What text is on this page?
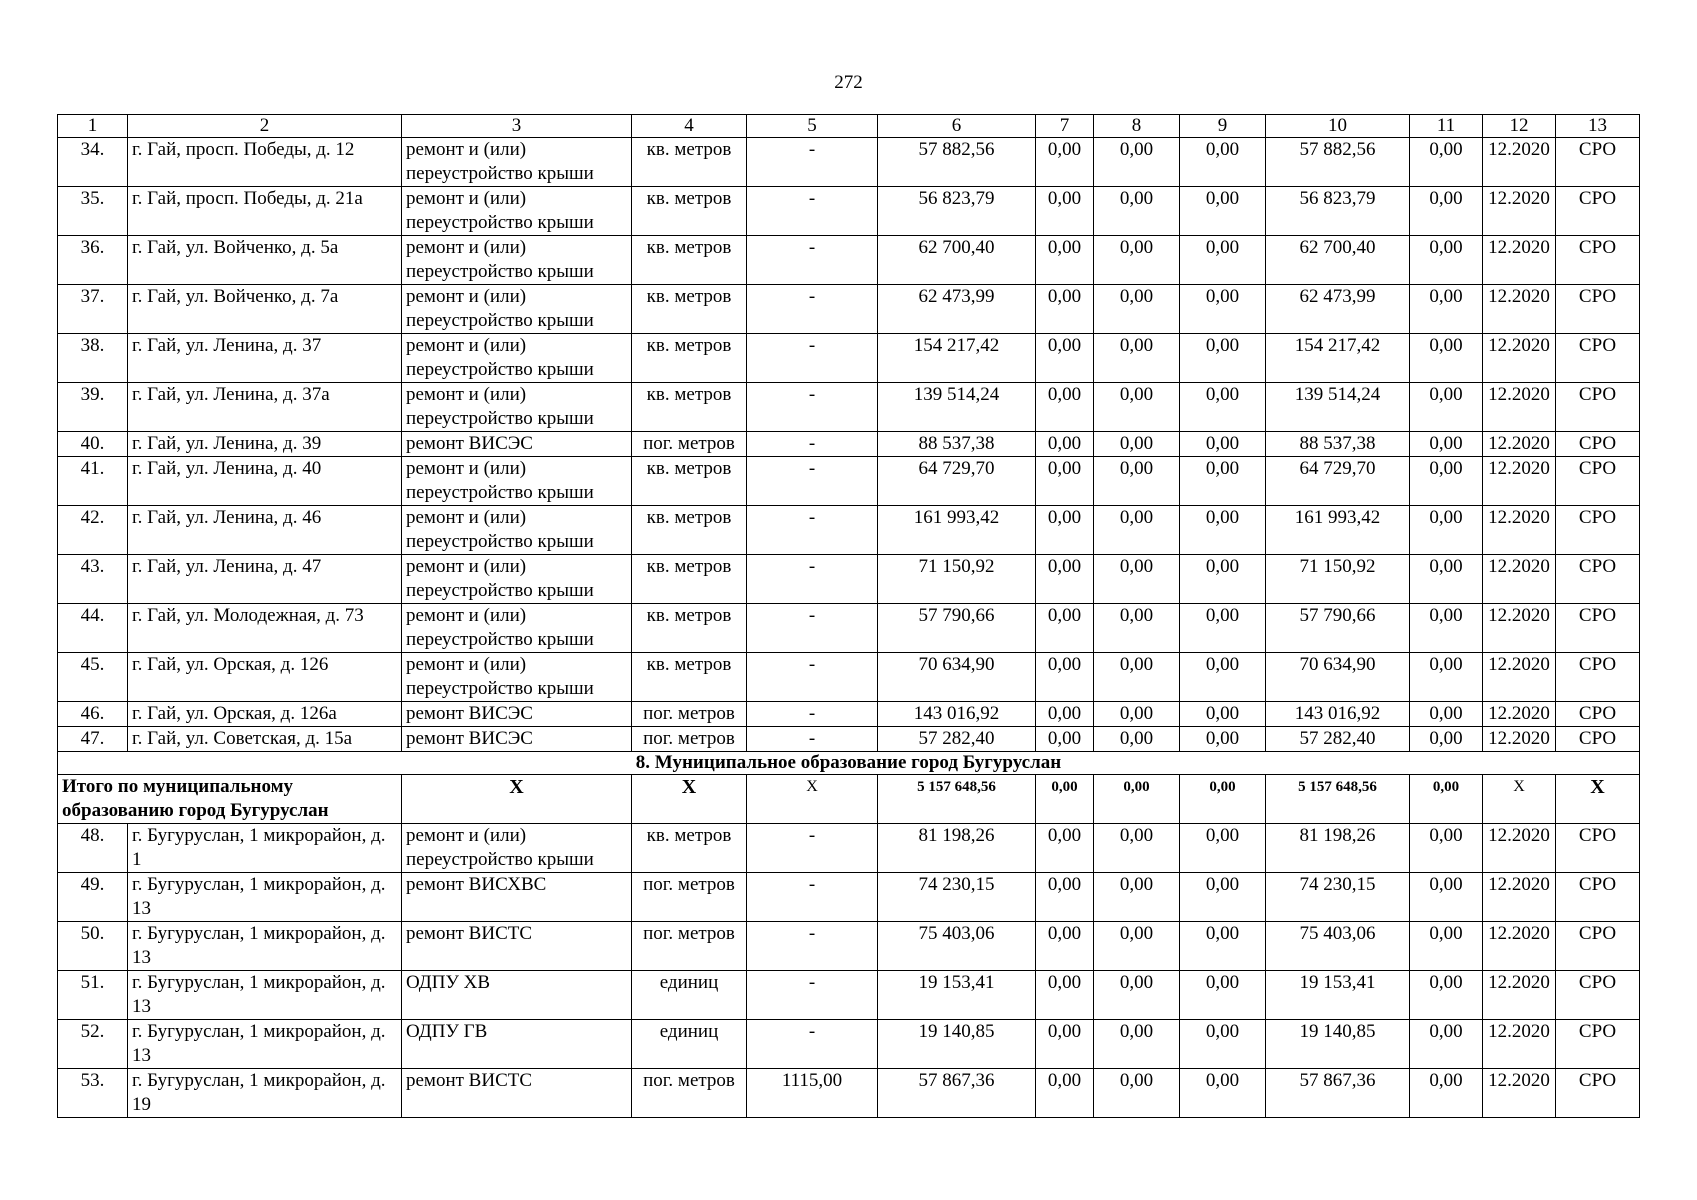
272
1	2	3	4	5	6	7	8	9	10	11	12	13
34.	г. Гай, просп. Победы, д. 12	ремонт и (или) переустройство крыши	кв. метров	-	57 882,56	0,00	0,00	0,00	57 882,56	0,00	12.2020	СРО
35.	г. Гай, просп. Победы, д. 21а	ремонт и (или) переустройство крыши	кв. метров	-	56 823,79	0,00	0,00	0,00	56 823,79	0,00	12.2020	СРО
36.	г. Гай, ул. Войченко, д. 5а	ремонт и (или) переустройство крыши	кв. метров	-	62 700,40	0,00	0,00	0,00	62 700,40	0,00	12.2020	СРО
37.	г. Гай, ул. Войченко, д. 7а	ремонт и (или) переустройство крыши	кв. метров	-	62 473,99	0,00	0,00	0,00	62 473,99	0,00	12.2020	СРО
38.	г. Гай, ул. Ленина, д. 37	ремонт и (или) переустройство крыши	кв. метров	-	154 217,42	0,00	0,00	0,00	154 217,42	0,00	12.2020	СРО
39.	г. Гай, ул. Ленина, д. 37а	ремонт и (или) переустройство крыши	кв. метров	-	139 514,24	0,00	0,00	0,00	139 514,24	0,00	12.2020	СРО
40.	г. Гай, ул. Ленина, д. 39	ремонт ВИСЭС	пог. метров	-	88 537,38	0,00	0,00	0,00	88 537,38	0,00	12.2020	СРО
41.	г. Гай, ул. Ленина, д. 40	ремонт и (или) переустройство крыши	кв. метров	-	64 729,70	0,00	0,00	0,00	64 729,70	0,00	12.2020	СРО
42.	г. Гай, ул. Ленина, д. 46	ремонт и (или) переустройство крыши	кв. метров	-	161 993,42	0,00	0,00	0,00	161 993,42	0,00	12.2020	СРО
43.	г. Гай, ул. Ленина, д. 47	ремонт и (или) переустройство крыши	кв. метров	-	71 150,92	0,00	0,00	0,00	71 150,92	0,00	12.2020	СРО
44.	г. Гай, ул. Молодежная, д. 73	ремонт и (или) переустройство крыши	кв. метров	-	57 790,66	0,00	0,00	0,00	57 790,66	0,00	12.2020	СРО
45.	г. Гай, ул. Орская, д. 126	ремонт и (или) переустройство крыши	кв. метров	-	70 634,90	0,00	0,00	0,00	70 634,90	0,00	12.2020	СРО
46.	г. Гай, ул. Орская, д. 126а	ремонт ВИСЭС	пог. метров	-	143 016,92	0,00	0,00	0,00	143 016,92	0,00	12.2020	СРО
47.	г. Гай, ул. Советская, д. 15а	ремонт ВИСЭС	пог. метров	-	57 282,40	0,00	0,00	0,00	57 282,40	0,00	12.2020	СРО
8. Муниципальное образование город Бугуруслан												
Итого по муниципальному образованию город Бугуруслан		Х	Х	Х	5 157 648,56	0,00	0,00	0,00	5 157 648,56	0,00	Х	Х
48.	г. Бугуруслан, 1 микрорайон, д. 1	ремонт и (или) переустройство крыши	кв. метров	-	81 198,26	0,00	0,00	0,00	81 198,26	0,00	12.2020	СРО
49.	г. Бугуруслан, 1 микрорайон, д. 13	ремонт ВИСХВС	пог. метров	-	74 230,15	0,00	0,00	0,00	74 230,15	0,00	12.2020	СРО
50.	г. Бугуруслан, 1 микрорайон, д. 13	ремонт ВИСТС	пог. метров	-	75 403,06	0,00	0,00	0,00	75 403,06	0,00	12.2020	СРО
51.	г. Бугуруслан, 1 микрорайон, д. 13	ОДПУ ХВ	единиц	-	19 153,41	0,00	0,00	0,00	19 153,41	0,00	12.2020	СРО
52.	г. Бугуруслан, 1 микрорайон, д. 13	ОДПУ ГВ	единиц	-	19 140,85	0,00	0,00	0,00	19 140,85	0,00	12.2020	СРО
53.	г. Бугуруслан, 1 микрорайон, д. 19	ремонт ВИСТС	пог. метров	1115,00	57 867,36	0,00	0,00	0,00	57 867,36	0,00	12.2020	СРО
